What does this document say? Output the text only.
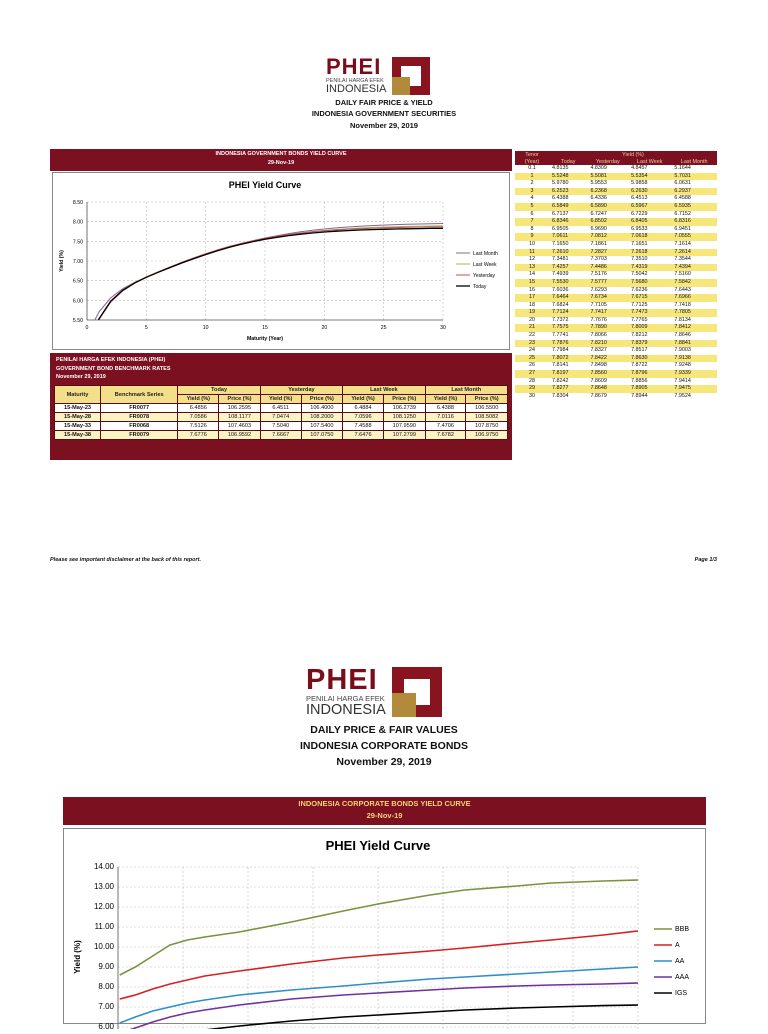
PHEI
PENILAI HARGA EFEK
INDONESIA
DAILY FAIR PRICE & YIELD
INDONESIA GOVERNMENT SECURITIES
November 29, 2019
INDONESIA GOVERNMENT BONDS YIELD CURVE
29-Nov-19
PHEI Yield Curve
8.50
8.00
7.50
7.00
6.50
6.00
5.50
0	5	10	15	20	25	30
Yield (%)
Maturity (Year)
Last Month
Last Week
Yesterday
Today
PENILAI HARGA EFEK INDONESIA (PHEI)
GOVERNMENT BOND BENCHMARK RATES
November 29, 2019
Maturity	Benchmark Series	Today		Yesterday		Last Week		Last Month	
		Yield (%)	Price (%)	Yield (%)	Price (%)	Yield (%)	Price (%)	Yield (%)	Price (%)
15-May-23	FR0077	6.4856	106.2595	6.4511	106.4000	6.4884	106.2739	6.4388	106.5500
15-May-28	FR0078	7.0586	108.1177	7.0474	108.2000	7.0596	108.1250	7.0116	108.5082
15-May-33	FR0068	7.5126	107.4603	7.5040	107.5400	7.4588	107.9590	7.4706	107.8750
15-May-38	FR0079	7.6776	106.9592	7.6667	107.0750	7.6476	107.2799	7.6782	106.9750
Tenor	Yield (%)			
(Year)	Today	Yesterday	Last Week	Last Month
0.1	4.8135	4.8309	4.8457	5.1644
1	5.5248	5.5081	5.5354	5.7031
2	5.9780	5.9553	5.9858	6.0631
3	6.2523	6.2368	6.2630	6.2937
4	6.4388	6.4336	6.4513	6.4588
5	6.5849	6.5890	6.5967	6.5935
6	6.7137	6.7247	6.7229	6.7152
7	6.8346	6.8502	6.8405	6.8316
8	6.9505	6.9690	6.9533	6.9451
9	7.0611	7.0812	7.0618	7.0555
10	7.1650	7.1861	7.1651	7.1614
11	7.2610	7.2827	7.2618	7.2614
12	7.3481	7.3703	7.3510	7.3544
13	7.4257	7.4486	7.4319	7.4394
14	7.4939	7.5176	7.5042	7.5160
15	7.5530	7.5777	7.5680	7.5842
16	7.6036	7.6293	7.6236	7.6443
17	7.6464	7.6734	7.6715	7.6966
18	7.6824	7.7105	7.7125	7.7418
19	7.7124	7.7417	7.7473	7.7805
20	7.7372	7.7676	7.7765	7.8134
21	7.7575	7.7890	7.8009	7.8412
22	7.7741	7.8066	7.8212	7.8646
23	7.7876	7.8210	7.8379	7.8841
24	7.7984	7.8327	7.8517	7.9003
25	7.8072	7.8422	7.8630	7.9138
26	7.8141	7.8498	7.8722	7.9248
27	7.8197	7.8560	7.8796	7.9339
28	7.8242	7.8609	7.8856	7.9414
29	7.8277	7.8648	7.8905	7.9475
30	7.8304	7.8679	7.8944	7.9524
Please see important disclaimer at the back of this report.	Page 1/3
PHEI
PENILAI HARGA EFEK
INDONESIA
DAILY PRICE & FAIR VALUES
INDONESIA CORPORATE BONDS
November 29, 2019
INDONESIA CORPORATE BONDS YIELD CURVE
29-Nov-19
PHEI Yield Curve
14.00
13.00
12.00
11.00
10.00
9.00
8.00
7.00
6.00
Yield (%)
BBB
A
AA
AAA
IGS
